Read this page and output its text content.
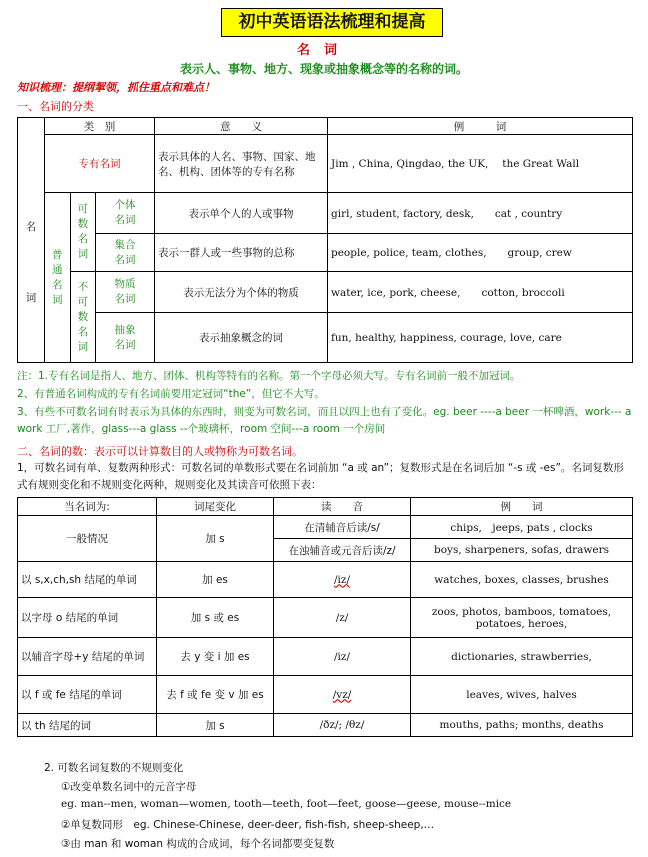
初中英语语法梳理和提高
名词
表示人、事物、地方、现象或抽象概念等的名称的词。
知识梳理：提纲挈领，抓住重点和难点！
一、名词的分类
名	类　别			意　　义	例　　　词
	专有名词			表示具体的人名、事物、国家、地名、机构、团体等的专有名称	Jim , China, Qingdao, the UK,　 the Great Wall

	普通名词	可数名词	个体名词	表示单个人的人或事物	girl, student, factory, desk,　　cat , country
词			集合名词	表示一群人或一些事物的总称	people, police, team, clothes,　　group, crew

		不可数名词	物质名词	表示无法分为个体的物质	water, ice, pork, cheese,　　cotton, broccoli

			抽象名词	表示抽象概念的词	fun, healthy, happiness, courage, love, care
注：1.专有名词是指人、地方、团体、机构等特有的名称。第一个字母必须大写。专有名词前一般不加冠词。
2、有普通名词构成的专有名词前要用定冠词“the”，但它不大写。
3、有些不可数名词有时表示为具体的东西时，则变为可数名词，而且以四上也有了变化。eg. beer ----a beer 一杯啤酒，work--- a work 工厂,著作，glass---a glass --个玻璃杯，room 空间---a room 一个房间
二、名词的数：表示可以计算数目的人或物称为可数名词。
1，可数名词有单、复数两种形式：可数名词的单数形式要在名词前加 “a 或 an”；复数形式是在名词后加 “-s 或 -es”。名词复数形式有规则变化和不规则变化两种，规则变化及其读音可依照下表：
当名词为:	词尾变化	读　　音	例　　词
一般情况	加 s	在清辅音后读/s/	chips,　jeeps, pats , clocks
		在浊辅音或元音后读/z/	boys, sharpeners, sofas, drawers
以 s,x,ch,sh 结尾的单词	加 es	/iz/	watches, boxes, classes, brushes
以字母 o 结尾的单词	加 s 或 es	/z/	zoos, photos, bamboos, tomatoes, potatoes, heroes,
以辅音字母+y 结尾的单词	去 y 变 i 加 es	/iz/	dictionaries, strawberries,
以 f 或 fe 结尾的单词	去 f 或 fe 变 v 加 es	/vz/	leaves, wives, halves
以 th 结尾的词	加 s	/ðz/; /θz/	mouths, paths; months, deaths
2. 可数名词复数的不规则变化
①改变单数名词中的元音字母
eg. man--men, woman—women, tooth—teeth, foot—feet, goose—geese, mouse--mice
②单复数同形　eg. Chinese-Chinese, deer-deer, fish-fish, sheep-sheep,…
③由 man 和 woman 构成的合成词，每个名词都要变复数
